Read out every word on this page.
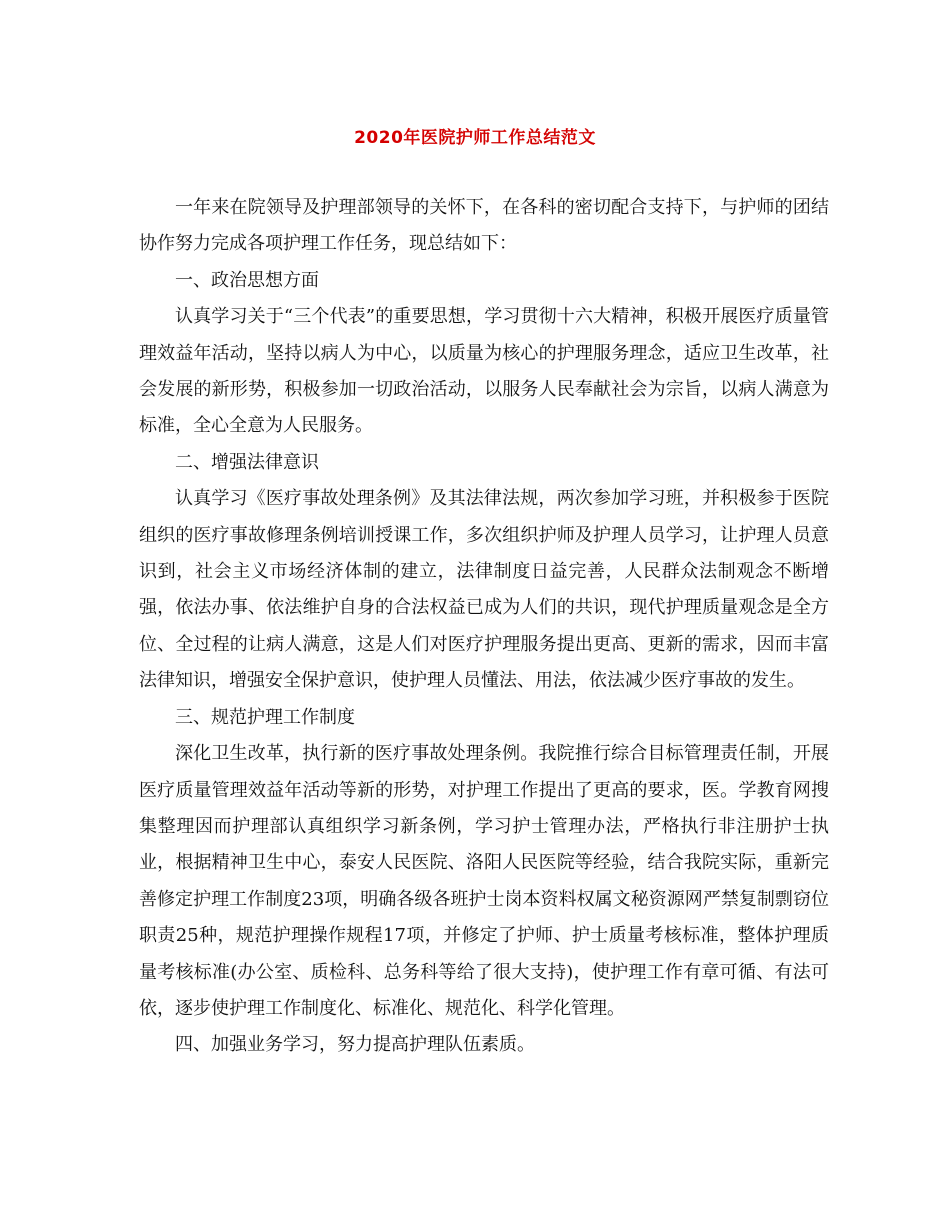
2020年医院护师工作总结范文

一年来在院领导及护理部领导的关怀下，在各科的密切配合支持下，与护师的团结协作努力完成各项护理工作任务，现总结如下：

一、政治思想方面

认真学习关于“三个代表”的重要思想，学习贯彻十六大精神，积极开展医疗质量管理效益年活动，坚持以病人为中心，以质量为核心的护理服务理念，适应卫生改革，社会发展的新形势，积极参加一切政治活动，以服务人民奉献社会为宗旨，以病人满意为标准，全心全意为人民服务。

二、增强法律意识

认真学习《医疗事故处理条例》及其法律法规，两次参加学习班，并积极参于医院组织的医疗事故修理条例培训授课工作，多次组织护师及护理人员学习，让护理人员意识到，社会主义市场经济体制的建立，法律制度日益完善，人民群众法制观念不断增强，依法办事、依法维护自身的合法权益已成为人们的共识，现代护理质量观念是全方位、全过程的让病人满意，这是人们对医疗护理服务提出更高、更新的需求，因而丰富法律知识，增强安全保护意识，使护理人员懂法、用法，依法减少医疗事故的发生。

三、规范护理工作制度

深化卫生改革，执行新的医疗事故处理条例。我院推行综合目标管理责任制，开展医疗质量管理效益年活动等新的形势，对护理工作提出了更高的要求，医。学教育网搜集整理因而护理部认真组织学习新条例，学习护士管理办法，严格执行非注册护士执业，根据精神卫生中心，泰安人民医院、洛阳人民医院等经验，结合我院实际，重新完善修定护理工作制度23项，明确各级各班护士岗本资料权属文秘资源网严禁复制剽窃位职责25种，规范护理操作规程17项，并修定了护师、护士质量考核标准，整体护理质量考核标准(办公室、质检科、总务科等给了很大支持)，使护理工作有章可循、有法可依，逐步使护理工作制度化、标准化、规范化、科学化管理。

四、加强业务学习，努力提高护理队伍素质。
